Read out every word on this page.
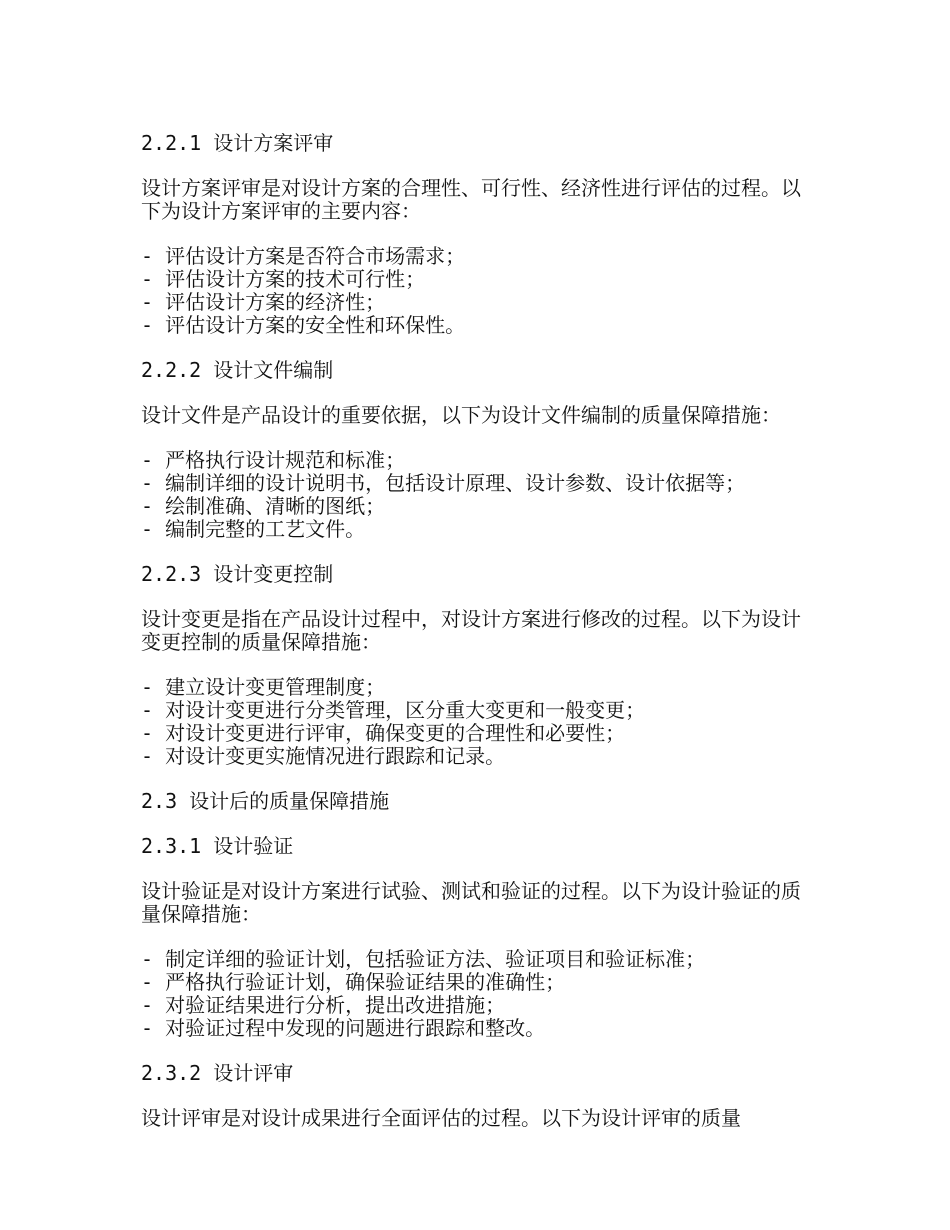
2.2.1 设计方案评审

设计方案评审是对设计方案的合理性、可行性、经济性进行评估的过程。以下为设计方案评审的主要内容：

- 评估设计方案是否符合市场需求；
- 评估设计方案的技术可行性；
- 评估设计方案的经济性；
- 评估设计方案的安全性和环保性。
2.2.2 设计文件编制

设计文件是产品设计的重要依据，以下为设计文件编制的质量保障措施：

- 严格执行设计规范和标准；
- 编制详细的设计说明书，包括设计原理、设计参数、设计依据等；
- 绘制准确、清晰的图纸；
- 编制完整的工艺文件。
2.2.3 设计变更控制

设计变更是指在产品设计过程中，对设计方案进行修改的过程。以下为设计变更控制的质量保障措施：

- 建立设计变更管理制度；
- 对设计变更进行分类管理，区分重大变更和一般变更；
- 对设计变更进行评审，确保变更的合理性和必要性；
- 对设计变更实施情况进行跟踪和记录。
2.3 设计后的质量保障措施
2.3.1 设计验证

设计验证是对设计方案进行试验、测试和验证的过程。以下为设计验证的质量保障措施：

- 制定详细的验证计划，包括验证方法、验证项目和验证标准；
- 严格执行验证计划，确保验证结果的准确性；
- 对验证结果进行分析，提出改进措施；
- 对验证过程中发现的问题进行跟踪和整改。
2.3.2 设计评审

设计评审是对设计成果进行全面评估的过程。以下为设计评审的质量
